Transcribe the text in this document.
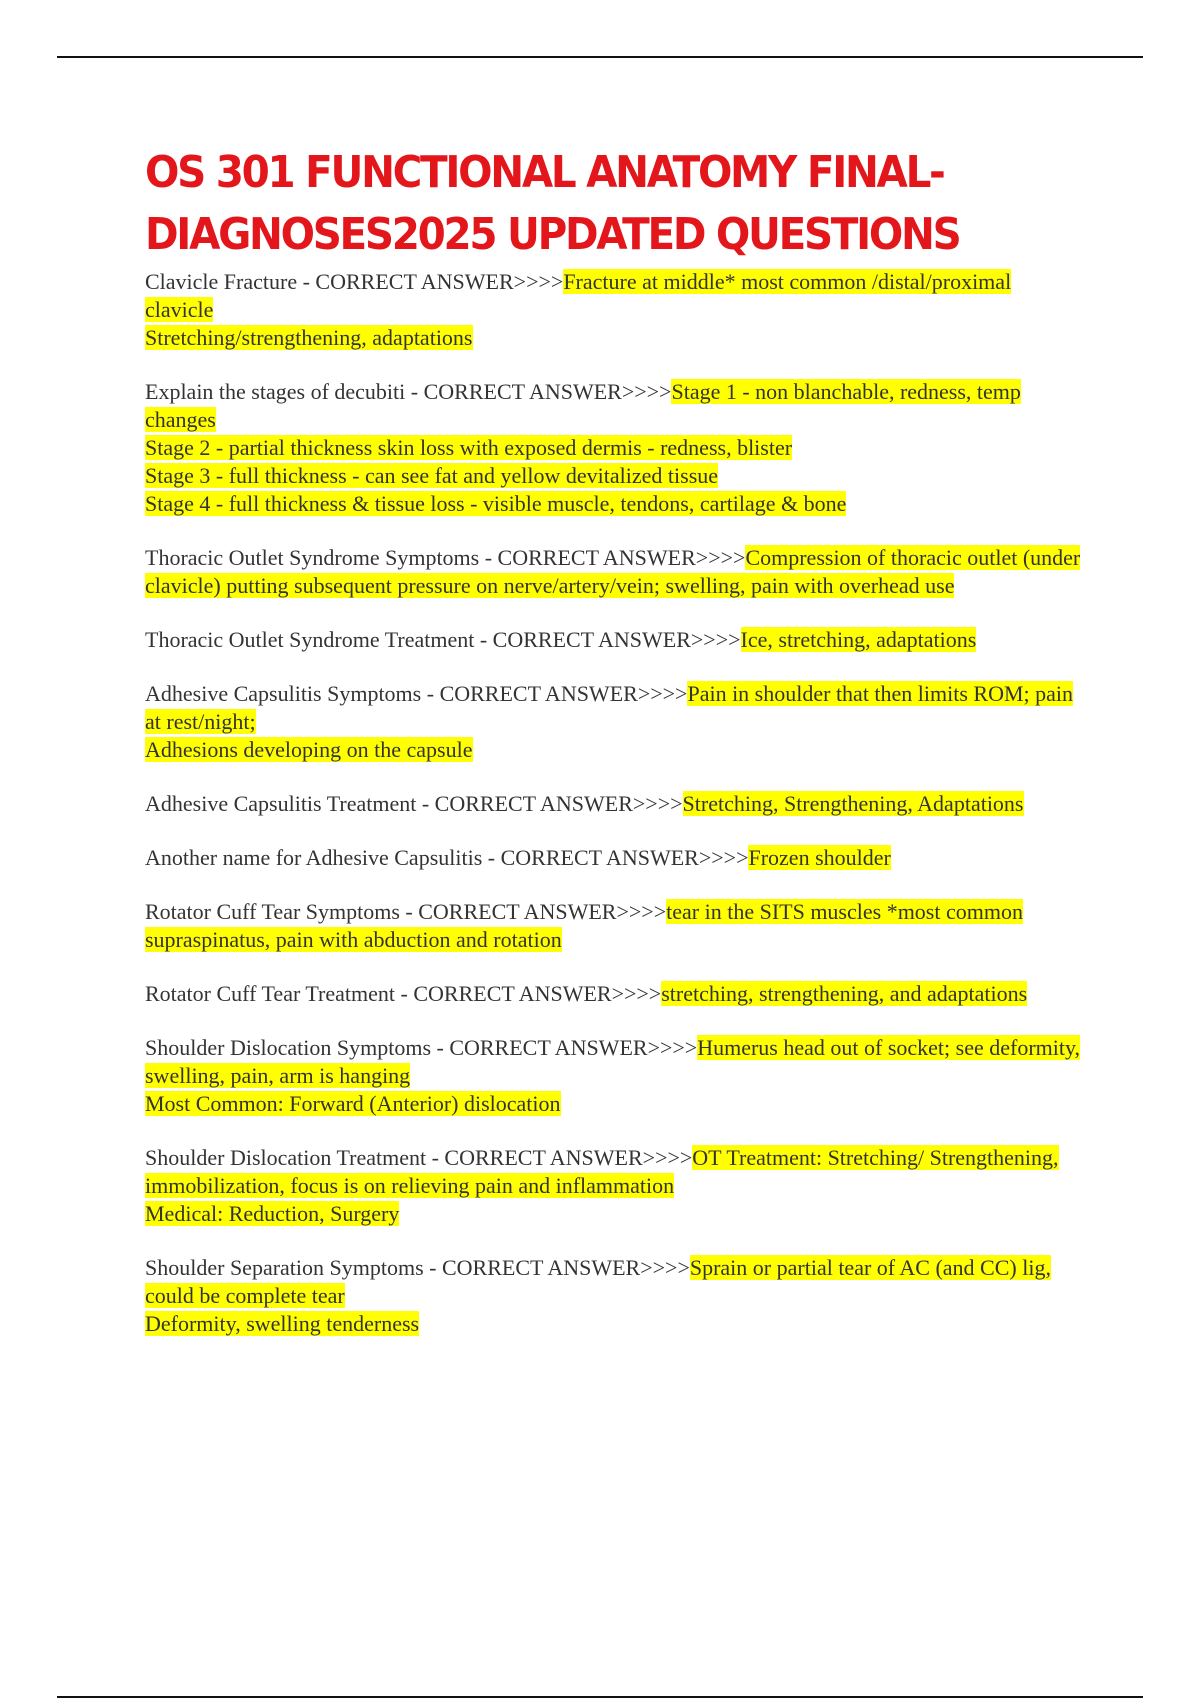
OS 301 FUNCTIONAL ANATOMY FINAL-
DIAGNOSES2025 UPDATED QUESTIONS

Clavicle Fracture - CORRECT ANSWER>>>>Fracture at middle* most common /distal/proximal clavicle
Stretching/strengthening, adaptations

Explain the stages of decubiti - CORRECT ANSWER>>>>Stage 1 - non blanchable, redness, temp changes
Stage 2 - partial thickness skin loss with exposed dermis - redness, blister
Stage 3 - full thickness - can see fat and yellow devitalized tissue
Stage 4 - full thickness & tissue loss - visible muscle, tendons, cartilage & bone

Thoracic Outlet Syndrome Symptoms - CORRECT ANSWER>>>>Compression of thoracic outlet (under clavicle) putting subsequent pressure on nerve/artery/vein; swelling, pain with overhead use

Thoracic Outlet Syndrome Treatment - CORRECT ANSWER>>>>Ice, stretching, adaptations

Adhesive Capsulitis Symptoms - CORRECT ANSWER>>>>Pain in shoulder that then limits ROM; pain at rest/night;
Adhesions developing on the capsule

Adhesive Capsulitis Treatment - CORRECT ANSWER>>>>Stretching, Strengthening, Adaptations

Another name for Adhesive Capsulitis - CORRECT ANSWER>>>>Frozen shoulder

Rotator Cuff Tear Symptoms - CORRECT ANSWER>>>>tear in the SITS muscles *most common supraspinatus, pain with abduction and rotation

Rotator Cuff Tear Treatment - CORRECT ANSWER>>>>stretching, strengthening, and adaptations

Shoulder Dislocation Symptoms - CORRECT ANSWER>>>>Humerus head out of socket; see deformity, swelling, pain, arm is hanging
Most Common: Forward (Anterior) dislocation

Shoulder Dislocation Treatment - CORRECT ANSWER>>>>OT Treatment: Stretching/ Strengthening, immobilization, focus is on relieving pain and inflammation
Medical: Reduction, Surgery

Shoulder Separation Symptoms - CORRECT ANSWER>>>>Sprain or partial tear of AC (and CC) lig, could be complete tear
Deformity, swelling tenderness
